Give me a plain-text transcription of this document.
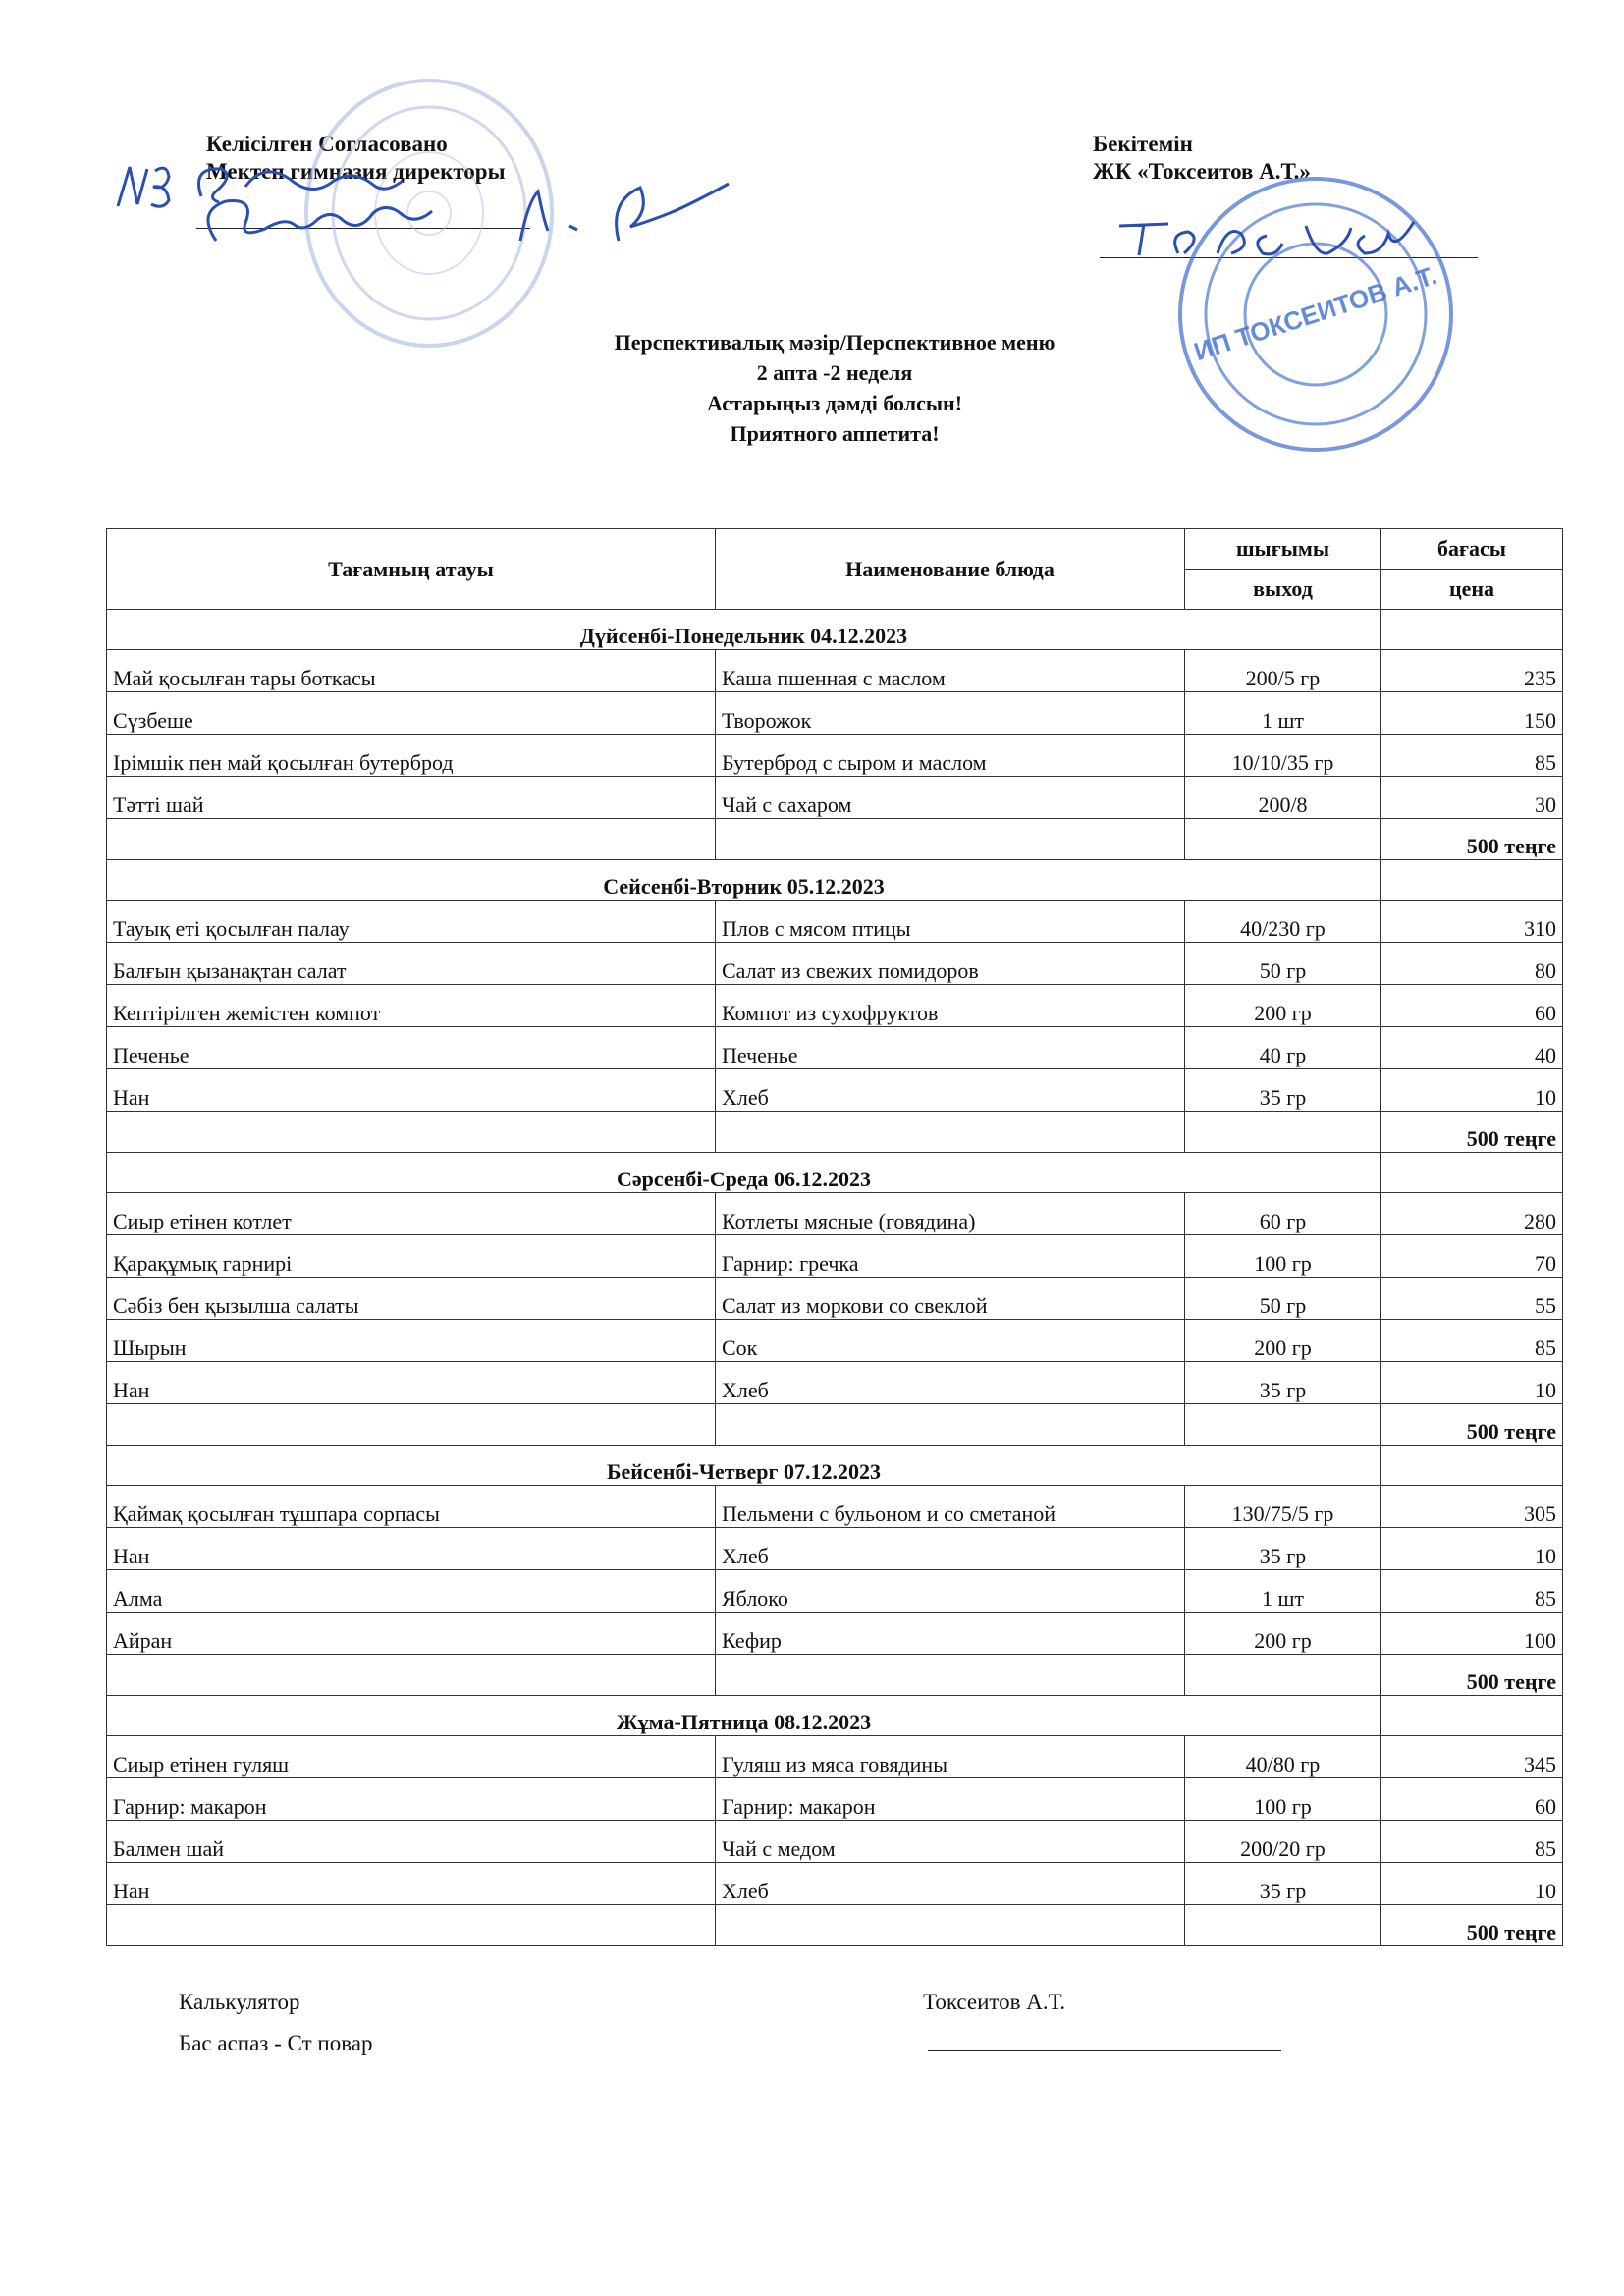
Келісілген Согласовано
Мектеп гимназия директоры
Бекітемін
ЖК «Токсеитов А.Т.»
ИП ТОКСЕИТОВ А.Т.
Перспективалық мәзір/Перспективное меню
2 апта -2 неделя
Астарыңыз дәмді болсын!
Приятного аппетита!
Тағамның атауы	Наименование блюда	шығымы	бағасы
		выход	цена
Дүйсенбі-Понедельник 04.12.2023			
Май қосылған тары боткасы	Каша пшенная с маслом	200/5 гр	235
Сүзбеше	Творожок	1 шт	150
Ірімшік пен май қосылған бутерброд	Бутерброд с сыром и маслом	10/10/35 гр	85
Тәтті шай	Чай с сахаром	200/8	30
			500 теңге
Сейсенбі-Вторник 05.12.2023			
Тауық еті қосылған палау	Плов с мясом птицы	40/230 гр	310
Балғын қызанақтан салат	Салат из свежих помидоров	50 гр	80
Кептірілген жемістен компот	Компот из сухофруктов	200 гр	60
Печенье	Печенье	40 гр	40
Нан	Хлеб	35 гр	10
			500 теңге
Сәрсенбі-Среда 06.12.2023			
Сиыр етінен котлет	Котлеты мясные (говядина)	60 гр	280
Қарақұмық гарнирі	Гарнир: гречка	100 гр	70
Сәбіз бен қызылша салаты	Салат из моркови со свеклой	50 гр	55
Шырын	Сок	200 гр	85
Нан	Хлеб	35 гр	10
			500 теңге
Бейсенбі-Четверг 07.12.2023			
Қаймақ қосылған тұшпара сорпасы	Пельмени с бульоном и со сметаной	130/75/5 гр	305
Нан	Хлеб	35 гр	10
Алма	Яблоко	1 шт	85
Айран	Кефир	200 гр	100
			500 теңге
Жұма-Пятница 08.12.2023			
Сиыр етінен гуляш	Гуляш из мяса говядины	40/80 гр	345
Гарнир: макарон	Гарнир: макарон	100 гр	60
Балмен шай	Чай с медом	200/20 гр	85
Нан	Хлеб	35 гр	10
			500 теңге
Калькулятор
Бас аспаз - Ст повар
Токсеитов А.Т.
